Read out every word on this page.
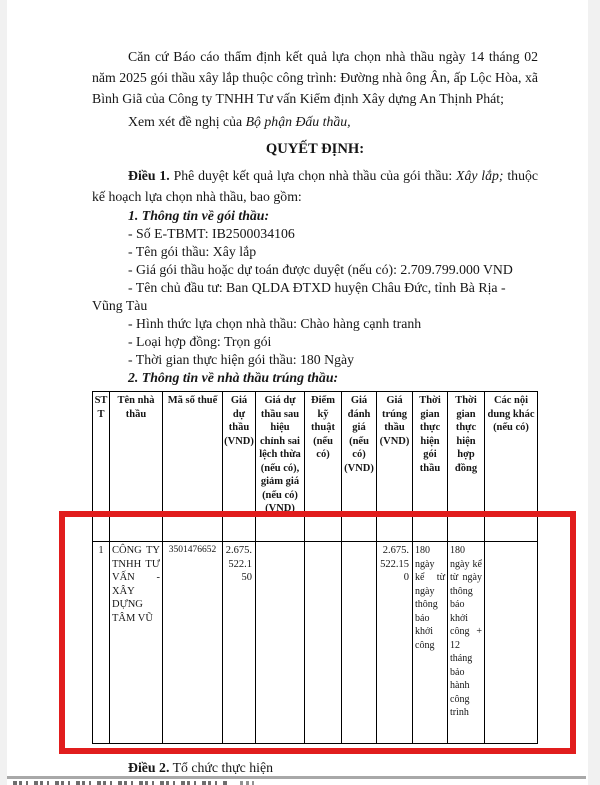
Căn cứ Báo cáo thẩm định kết quả lựa chọn nhà thầu ngày 14 tháng 02 năm 2025 gói thầu xây lắp thuộc công trình: Đường nhà ông Ân, ấp Lộc Hòa, xã Bình Giã của Công ty TNHH Tư vấn Kiểm định Xây dựng An Thịnh Phát;

Xem xét đề nghị của Bộ phận Đấu thầu,

QUYẾT ĐỊNH:

Điều 1. Phê duyệt kết quả lựa chọn nhà thầu của gói thầu: Xây lắp; thuộc kế hoạch lựa chọn nhà thầu, bao gồm:

1. Thông tin về gói thầu:

- Số E-TBMT: IB2500034106

- Tên gói thầu: Xây lắp

- Giá gói thầu hoặc dự toán được duyệt (nếu có): 2.709.799.000 VND

- Tên chủ đầu tư: Ban QLDA ĐTXD huyện Châu Đức, tỉnh Bà Rịa - Vũng Tàu

- Hình thức lựa chọn nhà thầu: Chào hàng cạnh tranh

- Loại hợp đồng: Trọn gói

- Thời gian thực hiện gói thầu: 180 Ngày

2. Thông tin về nhà thầu trúng thầu:

STT	Tên nhà thầu	Mã số thuế	Giá dự thầu (VND)	Giá dự thầu sau hiệu chỉnh sai lệch thừa (nếu có), giảm giá (nếu có) (VND)	Điểm kỹ thuật (nếu có)	Giá đánh giá (nếu có) (VND)	Giá trúng thầu (VND)	Thời gian thực hiện gói thầu	Thời gian thực hiện hợp đồng	Các nội dung khác (nếu có)
1	CÔNG TY TNHH TƯ VẤN - XÂY DỰNG TÂM VŨ	3501476652	2.675.522.150				2.675.522.150	180 ngày kể từ ngày thông báo khởi công	180 ngày kể từ ngày thông báo khởi công + 12 tháng bảo hành công trình	

Điều 2. Tổ chức thực hiện
